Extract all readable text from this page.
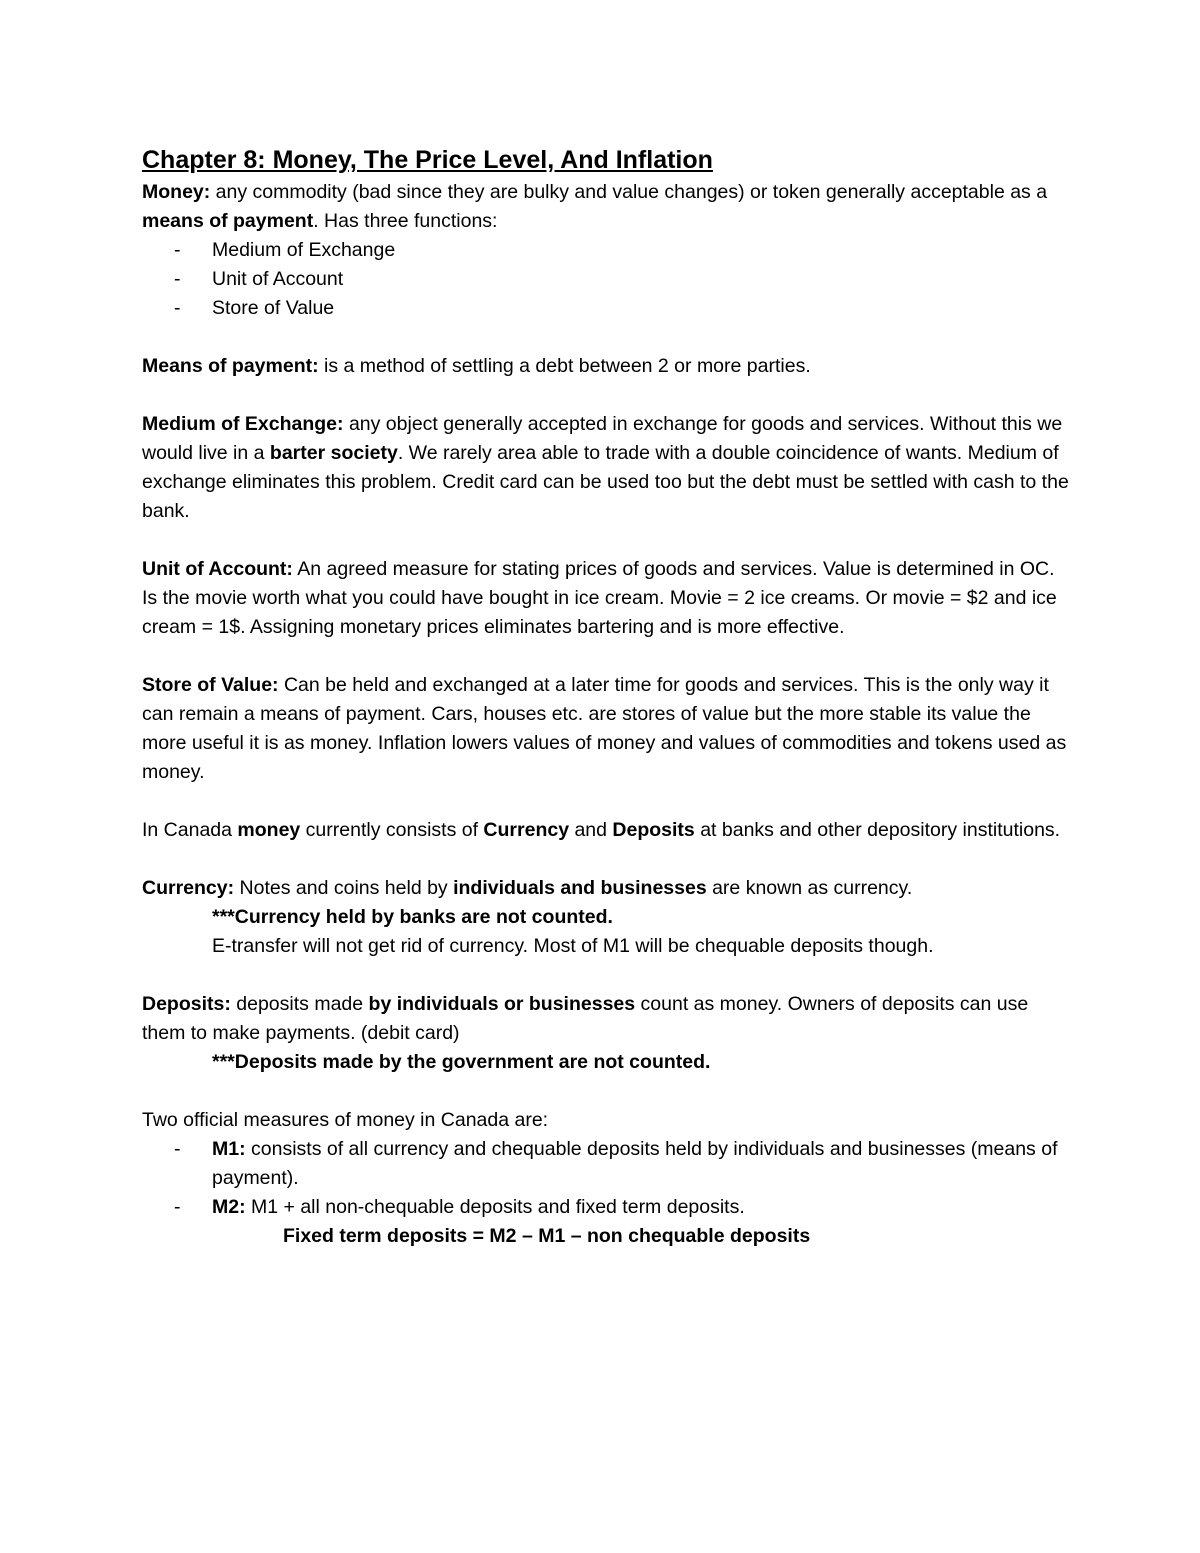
Chapter 8: Money, The Price Level, And Inflation

Money: any commodity (bad since they are bulky and value changes) or token generally acceptable as a means of payment. Has three functions:

- Medium of Exchange
- Unit of Account
- Store of Value

Means of payment: is a method of settling a debt between 2 or more parties.

Medium of Exchange: any object generally accepted in exchange for goods and services. Without this we would live in a barter society. We rarely area able to trade with a double coincidence of wants. Medium of exchange eliminates this problem. Credit card can be used too but the debt must be settled with cash to the bank.

Unit of Account: An agreed measure for stating prices of goods and services. Value is determined in OC. Is the movie worth what you could have bought in ice cream. Movie = 2 ice creams. Or movie = $2 and ice cream = 1$. Assigning monetary prices eliminates bartering and is more effective.

Store of Value: Can be held and exchanged at a later time for goods and services. This is the only way it can remain a means of payment. Cars, houses etc. are stores of value but the more stable its value the more useful it is as money. Inflation lowers values of money and values of commodities and tokens used as money.

In Canada money currently consists of Currency and Deposits at banks and other depository institutions.

Currency: Notes and coins held by individuals and businesses are known as currency.

***Currency held by banks are not counted.

E-transfer will not get rid of currency. Most of M1 will be chequable deposits though.

Deposits: deposits made by individuals or businesses count as money. Owners of deposits can use them to make payments. (debit card)

***Deposits made by the government are not counted.

Two official measures of money in Canada are:

- M1: consists of all currency and chequable deposits held by individuals and businesses (means of payment).
- M2: M1 + all non-chequable deposits and fixed term deposits.

Fixed term deposits = M2 – M1 – non chequable deposits
